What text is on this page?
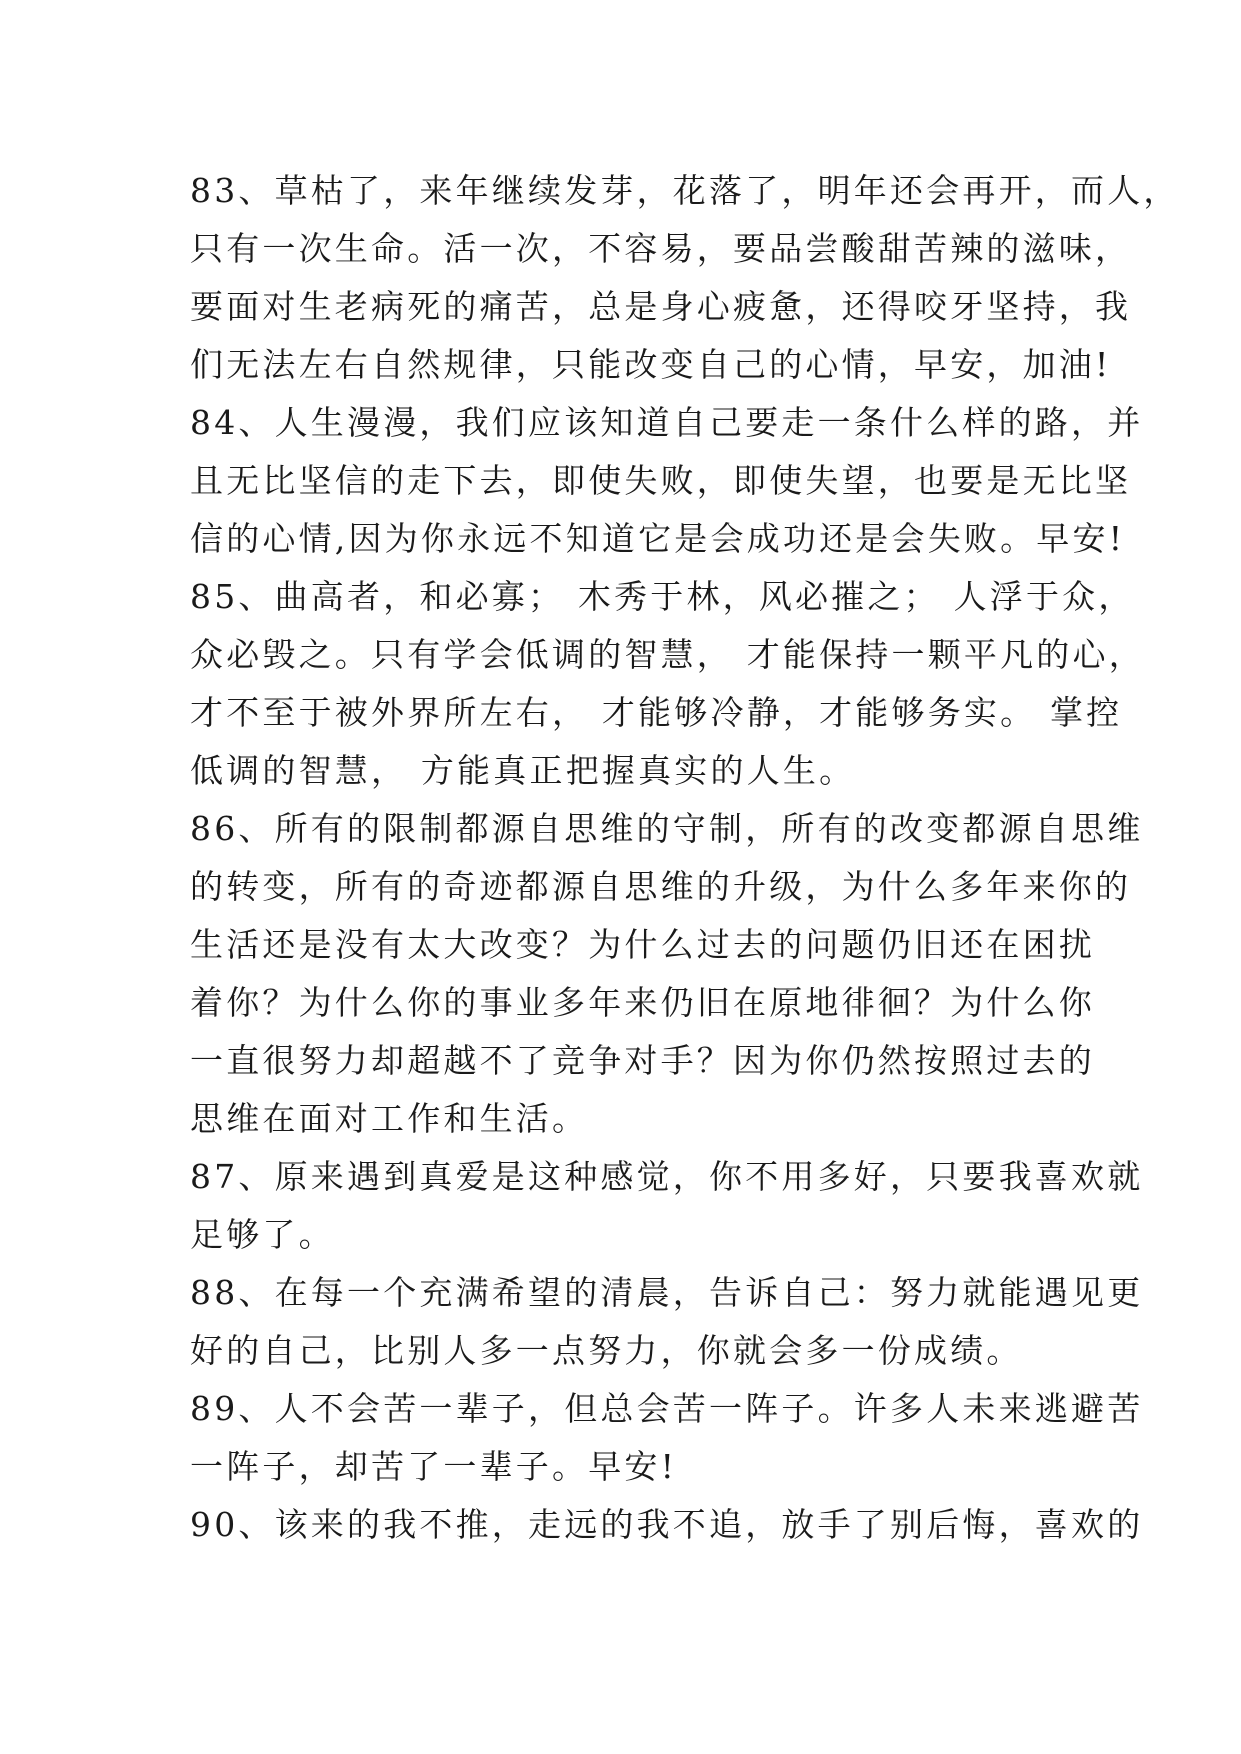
83、草枯了，来年继续发芽，花落了，明年还会再开，而人，
只有一次生命。活一次，不容易，要品尝酸甜苦辣的滋味，
要面对生老病死的痛苦，总是身心疲惫，还得咬牙坚持，我
们无法左右自然规律，只能改变自己的心情，早安，加油!
84、人生漫漫，我们应该知道自己要走一条什么样的路，并
且无比坚信的走下去，即使失败，即使失望，也要是无比坚
信的心情,因为你永远不知道它是会成功还是会失败。早安!
85、曲高者，和必寡； 木秀于林，风必摧之； 人浮于众，
众必毁之。只有学会低调的智慧， 才能保持一颗平凡的心，
才不至于被外界所左右， 才能够冷静，才能够务实。 掌控
低调的智慧， 方能真正把握真实的人生。
86、所有的限制都源自思维的守制，所有的改变都源自思维
的转变，所有的奇迹都源自思维的升级，为什么多年来你的
生活还是没有太大改变？为什么过去的问题仍旧还在困扰
着你？为什么你的事业多年来仍旧在原地徘徊？为什么你
一直很努力却超越不了竞争对手？因为你仍然按照过去的
思维在面对工作和生活。
87、原来遇到真爱是这种感觉，你不用多好，只要我喜欢就
足够了。
88、在每一个充满希望的清晨，告诉自己：努力就能遇见更
好的自己，比别人多一点努力，你就会多一份成绩。
89、人不会苦一辈子，但总会苦一阵子。许多人未来逃避苦
一阵子，却苦了一辈子。早安!
90、该来的我不推，走远的我不追，放手了别后悔，喜欢的
